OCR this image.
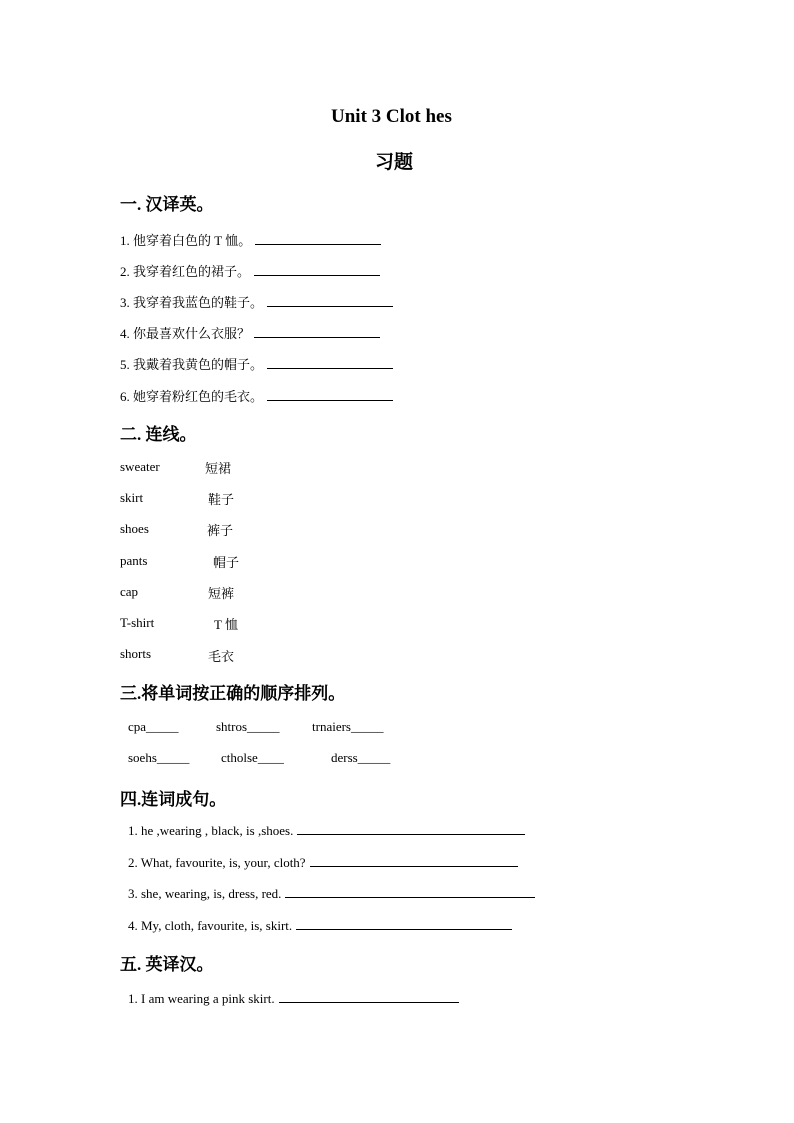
Unit 3 Clot hes
习题
一. 汉译英。
1. 他穿着白色的 T 恤。
2. 我穿着红色的裙子。
3. 我穿着我蓝色的鞋子。
4. 你最喜欢什么衣服？
5. 我戴着我黄色的帽子。
6. 她穿着粉红色的毛衣。
二. 连线。
sweater
skirt
shoes
pants
cap
T-shirt
shorts
短裙
鞋子
裤子
帽子
短裤
T 恤
毛衣
三.将单词按正确的顺序排列。
cpa_____	shtros_____ trnaiers_____
soehs_____ ctholse____	derss_____
四.连词成句。
1. he ,wearing , black, is ,shoes.
2. What, favourite, is, your, cloth?
3. she, wearing, is, dress, red.
4. My, cloth, favourite, is, skirt.
五. 英译汉。
1. I am wearing a pink skirt.
